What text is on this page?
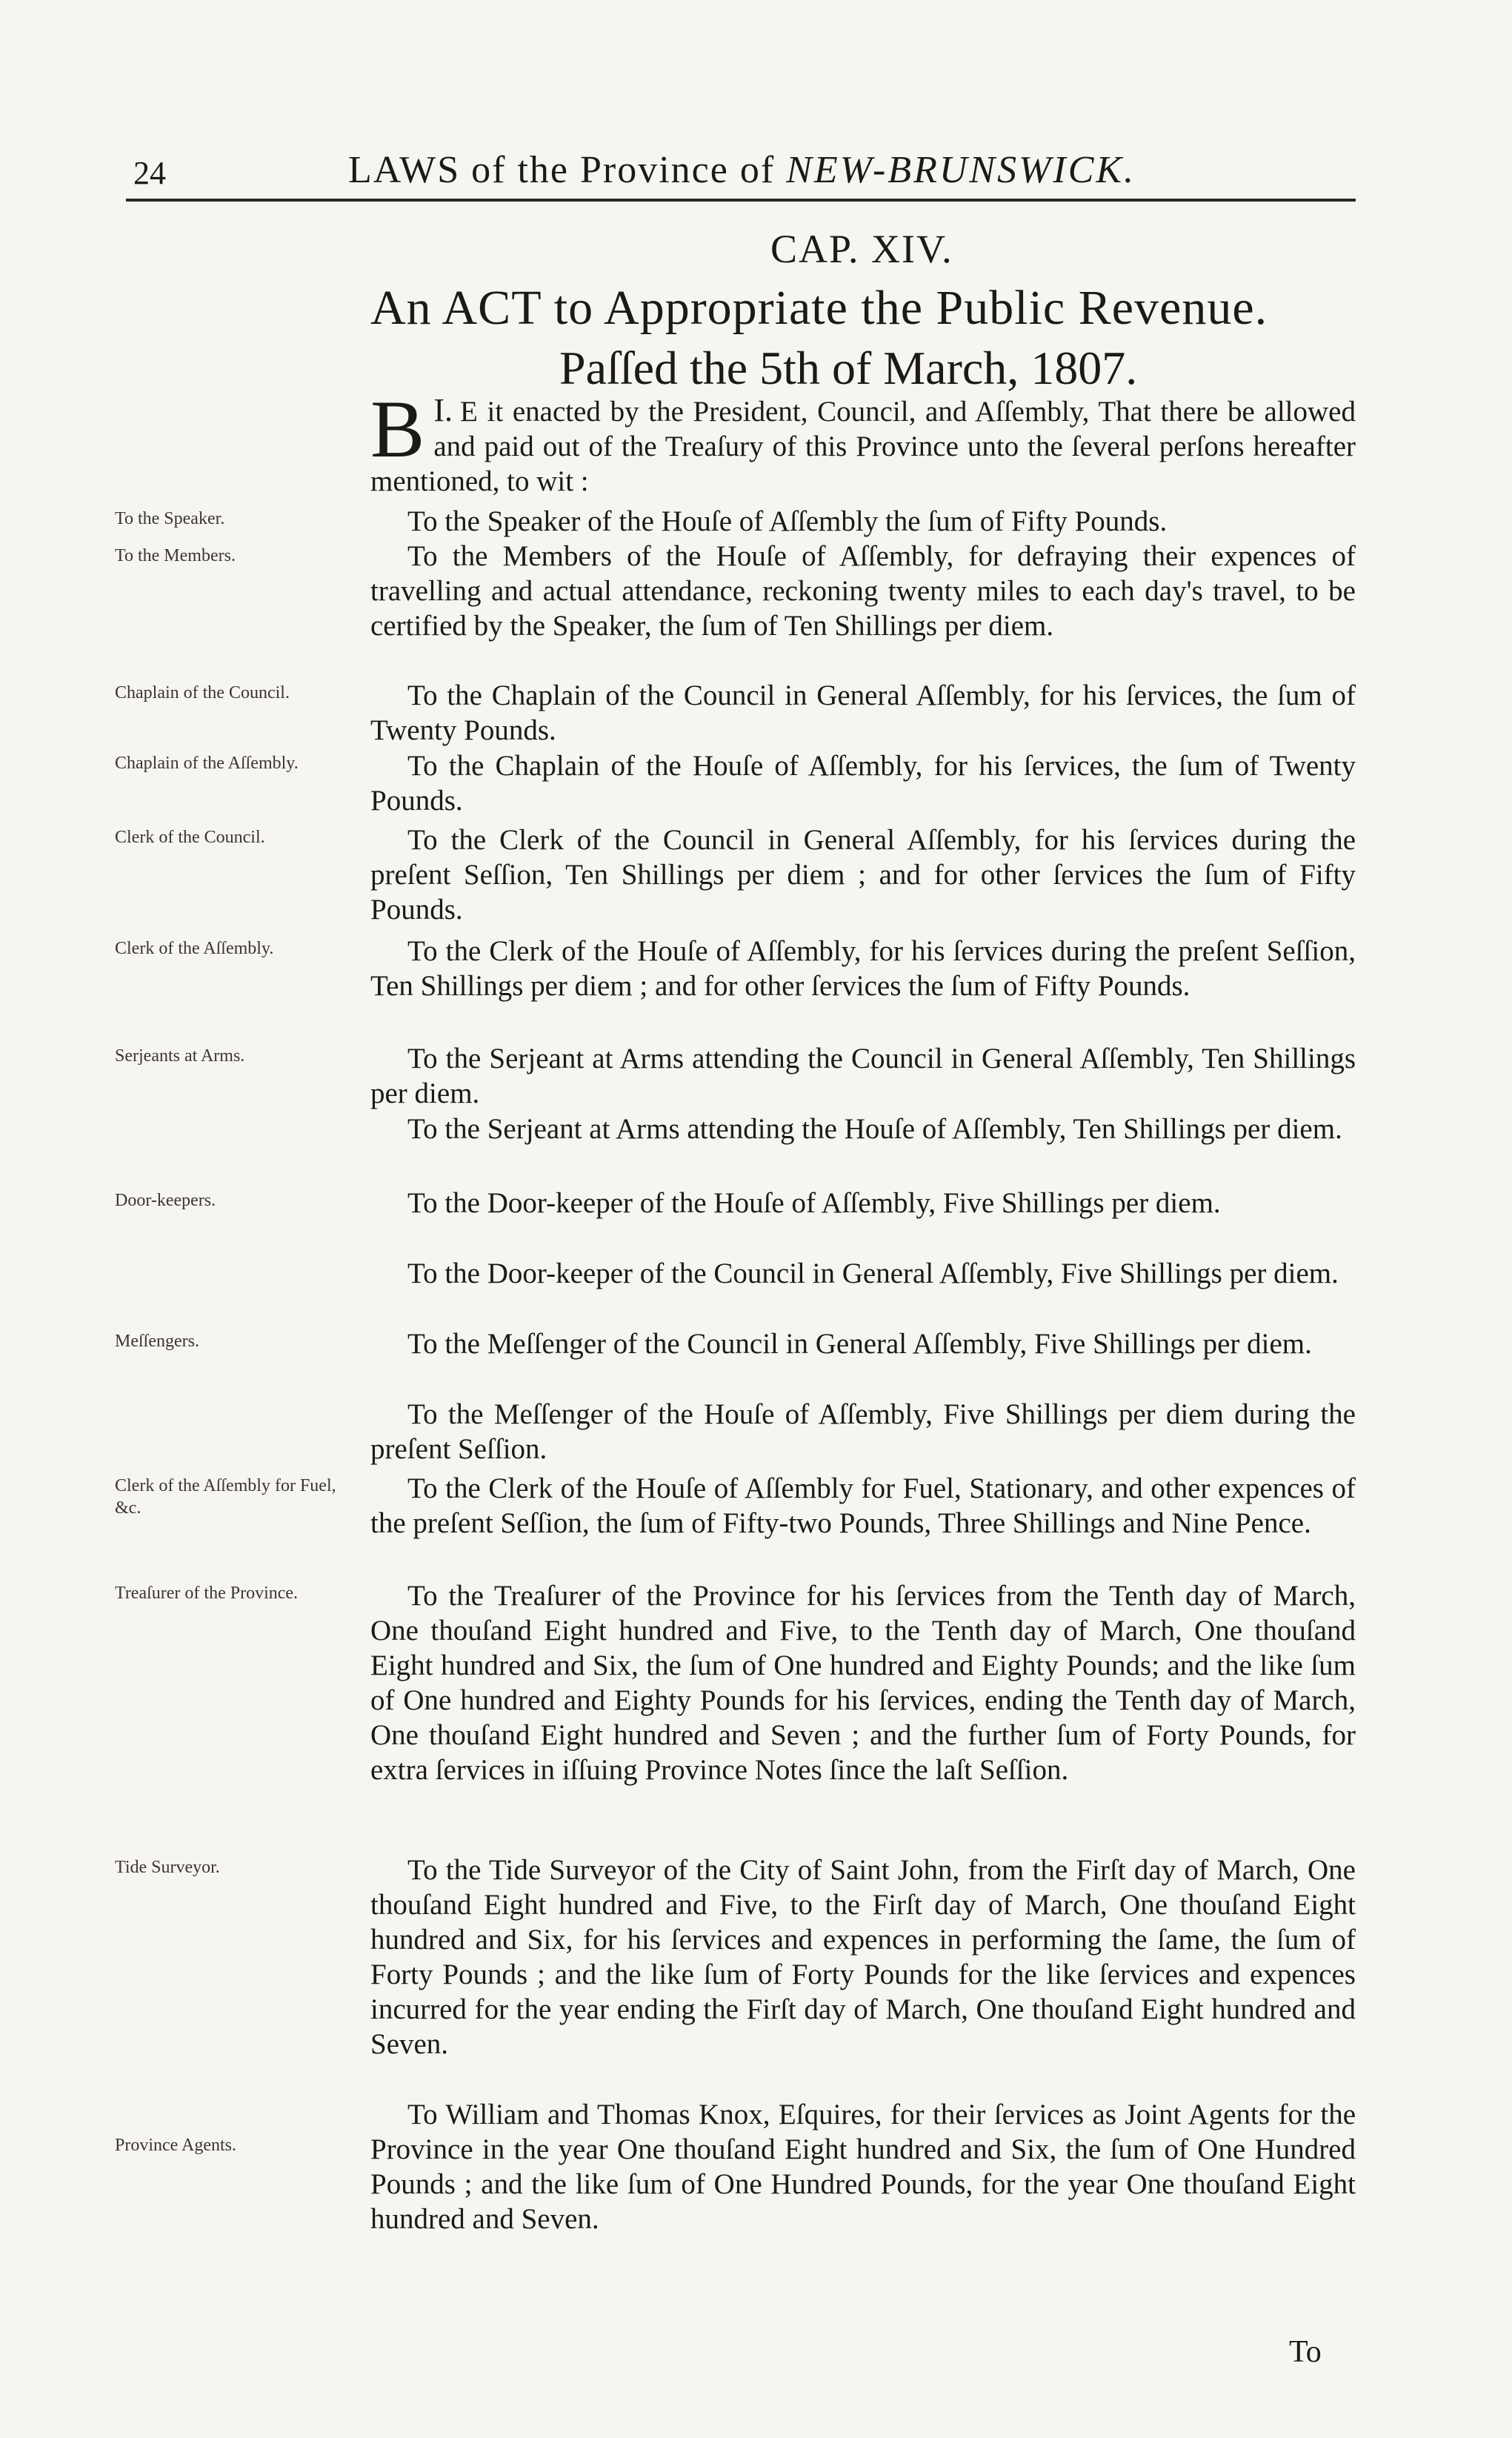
24	LAWS of the Province of NEW-BRUNSWICK.
CAP. XIV.
An ACT to Appropriate the Public Revenue.
Paſſed the 5th of March, 1807.

I.
B E it enacted by the President, Council, and Aſſembly, That there be allowed and paid out of the Treaſury of this Province unto the ſeveral perſons hereafter mentioned, to wit :

To the Speaker of the Houſe of Aſſembly the ſum of Fifty Pounds.

To the Members of the Houſe of Aſſembly, for defraying their expences of travelling and actual attendance, reckoning twenty miles to each day's travel, to be certified by the Speaker, the ſum of Ten Shillings per diem.

To the Chaplain of the Council in General Aſſembly, for his ſervices, the ſum of Twenty Pounds.

To the Chaplain of the Houſe of Aſſembly, for his ſervices, the ſum of Twenty Pounds.

To the Clerk of the Council in General Aſſembly, for his ſervices during the preſent Seſſion, Ten Shillings per diem ; and for other ſervices the ſum of Fifty Pounds.

To the Clerk of the Houſe of Aſſembly, for his ſervices during the preſent Seſſion, Ten Shillings per diem ; and for other ſervices the ſum of Fifty Pounds.

To the Serjeant at Arms attending the Council in General Aſſembly, Ten Shillings per diem.

To the Serjeant at Arms attending the Houſe of Aſſembly, Ten Shillings per diem.

To the Door-keeper of the Houſe of Aſſembly, Five Shillings per diem.

To the Door-keeper of the Council in General Aſſembly, Five Shillings per diem.

To the Meſſenger of the Council in General Aſſembly, Five Shillings per diem.

To the Meſſenger of the Houſe of Aſſembly, Five Shillings per diem during the preſent Seſſion.

To the Clerk of the Houſe of Aſſembly for Fuel, Stationary, and other expences of the preſent Seſſion, the ſum of Fifty-two Pounds, Three Shillings and Nine Pence.

To the Treaſurer of the Province for his ſervices from the Tenth day of March, One thouſand Eight hundred and Five, to the Tenth day of March, One thouſand Eight hundred and Six, the ſum of One hundred and Eighty Pounds; and the like ſum of One hundred and Eighty Pounds for his ſervices, ending the Tenth day of March, One thouſand Eight hundred and Seven ; and the further ſum of Forty Pounds, for extra ſervices in iſſuing Province Notes ſince the laſt Seſſion.

To the Tide Surveyor of the City of Saint John, from the Firſt day of March, One thouſand Eight hundred and Five, to the Firſt day of March, One thouſand Eight hundred and Six, for his ſervices and expences in performing the ſame, the ſum of Forty Pounds ; and the like ſum of Forty Pounds for the like ſervices and expences incurred for the year ending the Firſt day of March, One thouſand Eight hundred and Seven.

To William and Thomas Knox, Eſquires, for their ſervices as Joint Agents for the Province in the year One thouſand Eight hundred and Six, the ſum of One Hundred Pounds ; and the like ſum of One Hundred Pounds, for the year One thouſand Eight hundred and Seven.

To the Speaker.
To the Members.
Chaplain of the Council.
Chaplain of the Aſſembly.
Clerk of the Council.
Clerk of the Aſſembly.
Serjeants at Arms.
Door-keepers.
Meſſengers.
Clerk of the Aſſembly for Fuel, &c.
Treaſurer of the Province.
Tide Surveyor.
Province Agents.
To
